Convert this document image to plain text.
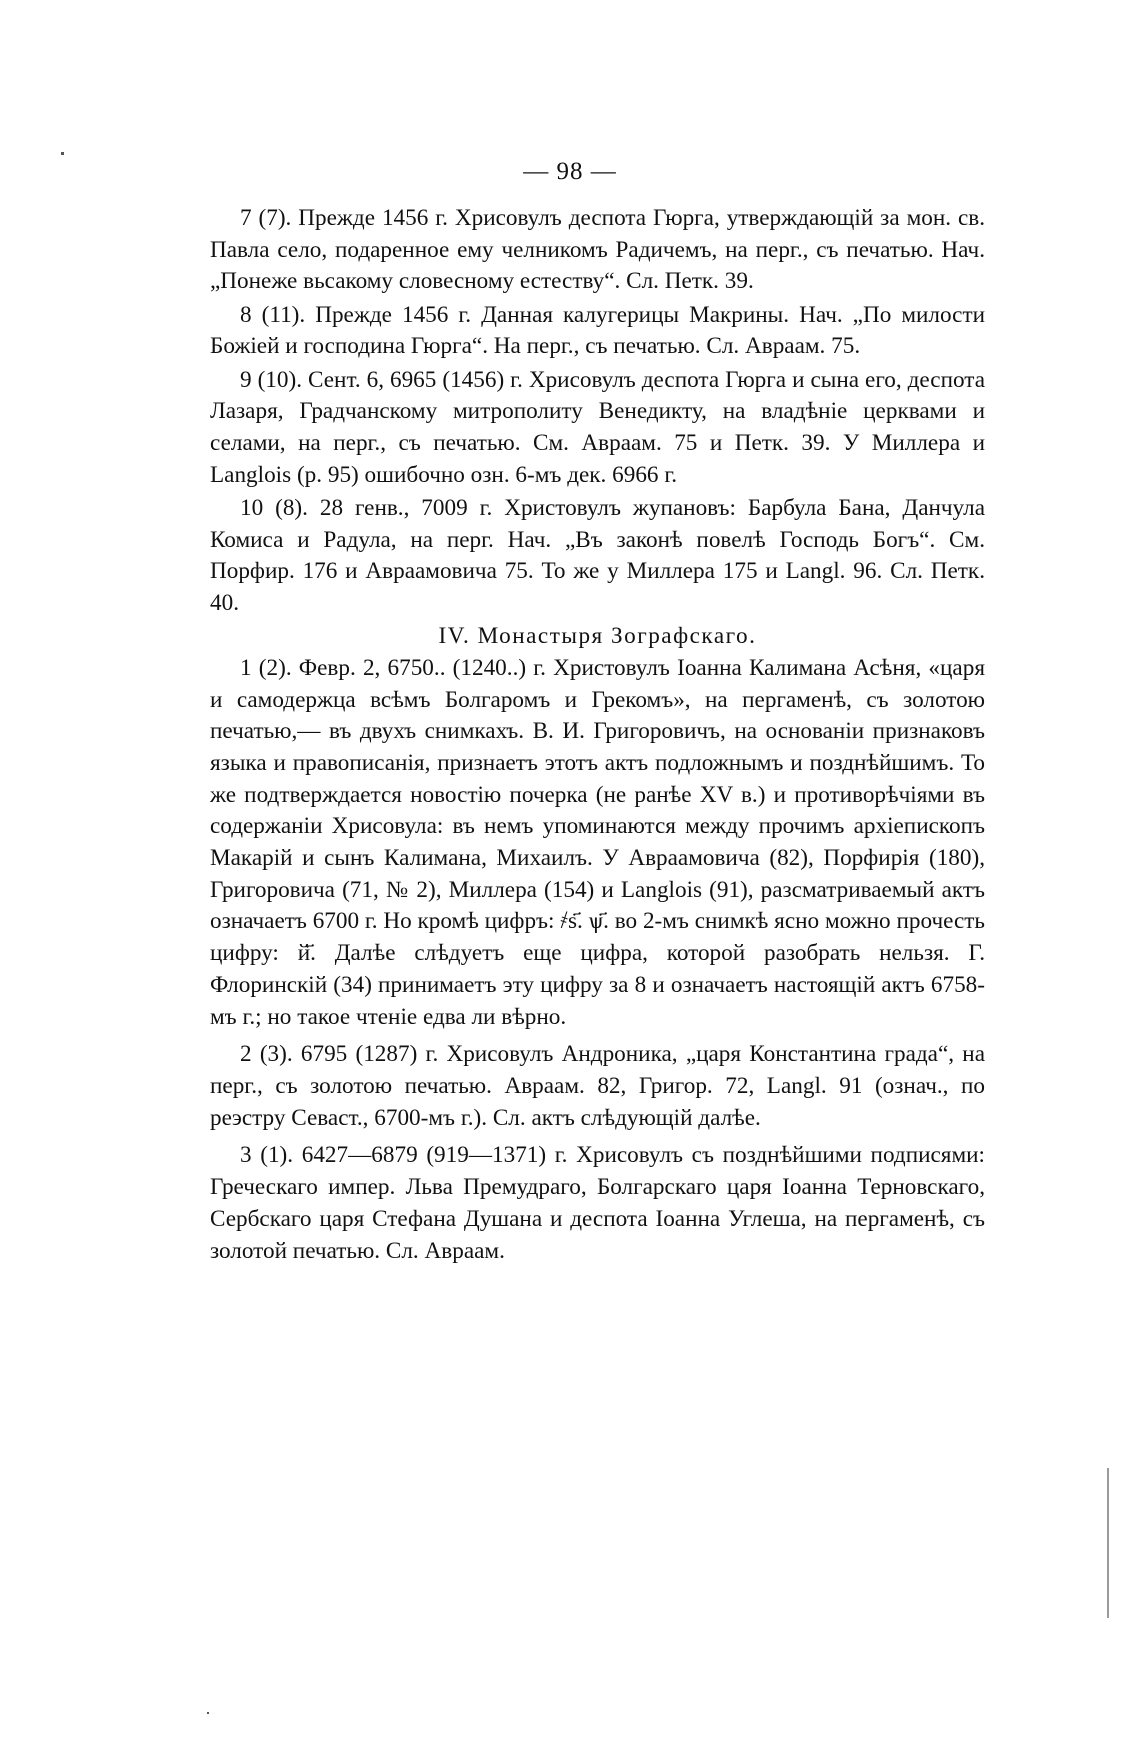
— 98 —

7 (7). Прежде 1456 г. Хрисовулъ деспота Гюрга, утверждающій за мон. св. Павла село, подаренное ему челникомъ Радичемъ, на перг., съ печатью. Нач. „Понеже вьсакому словесному естеству“. Сл. Петк. 39.

8 (11). Прежде 1456 г. Данная калугерицы Макрины. Нач. „По милости Божіей и господина Гюрга“. На перг., съ печатью. Сл. Авраам. 75.

9 (10). Сент. 6, 6965 (1456) г. Хрисовулъ деспота Гюрга и сына его, деспота Лазаря, Градчанскому митрополиту Венедикту, на владѣніе церквами и селами, на перг., съ печатью. См. Авраам. 75 и Петк. 39. У Миллера и Langlois (p. 95) ошибочно озн. 6-мъ дек. 6966 г.

10 (8). 28 генв., 7009 г. Христовулъ жупановъ: Барбула Бана, Данчула Комиса и Радула, на перг. Нач. „Въ законѣ повелѣ Господь Богъ“. См. Порфир. 176 и Авраамовича 75. То же у Миллера 175 и Langl. 96. Сл. Петк. 40.

IV. Монастыря Зографскаго.

1 (2). Февр. 2, 6750.. (1240..) г. Христовулъ Іоанна Калимана Асѣня, «царя и самодержца всѣмъ Болгаромъ и Грекомъ», на пергаменѣ, съ золотою печатью,— въ двухъ снимкахъ. В. И. Григоровичъ, на основаніи признаковъ языка и правописанія, признаетъ этотъ актъ подложнымъ и позднѣйшимъ. То же подтверждается новостію почерка (не ранѣе XV в.) и противорѣчіями въ содержаніи Хрисовула: въ немъ упоминаются между прочимъ архіепископъ Макарій и сынъ Калимана, Михаилъ. У Авраамовича (82), Порфирія (180), Григоровича (71, № 2), Миллера (154) и Langlois (91), разсматриваемый актъ означаетъ 6700 г. Но кромѣ цифръ: ҂ѕ҃. ѱ҃. во 2-мъ снимкѣ ясно можно прочесть цифру: й҃. Далѣе слѣдуетъ еще цифра, которой разобрать нельзя. Г. Флоринскій (34) принимаетъ эту цифру за 8 и означаетъ настоящій актъ 6758-мъ г.; но такое чтеніе едва ли вѣрно.

2 (3). 6795 (1287) г. Хрисовулъ Андроника, „царя Константина града“, на перг., съ золотою печатью. Авраам. 82, Григор. 72, Langl. 91 (означ., по реэстру Севаст., 6700-мъ г.). Сл. актъ слѣдующій далѣе.

3 (1). 6427—6879 (919—1371) г. Хрисовулъ съ позднѣйшими подписями: Греческаго импер. Льва Премудраго, Болгарскаго царя Іоанна Терновскаго, Сербскаго царя Стефана Душана и деспота Іоанна Углеша, на пергаменѣ, съ золотой печатью. Сл. Авраам.
